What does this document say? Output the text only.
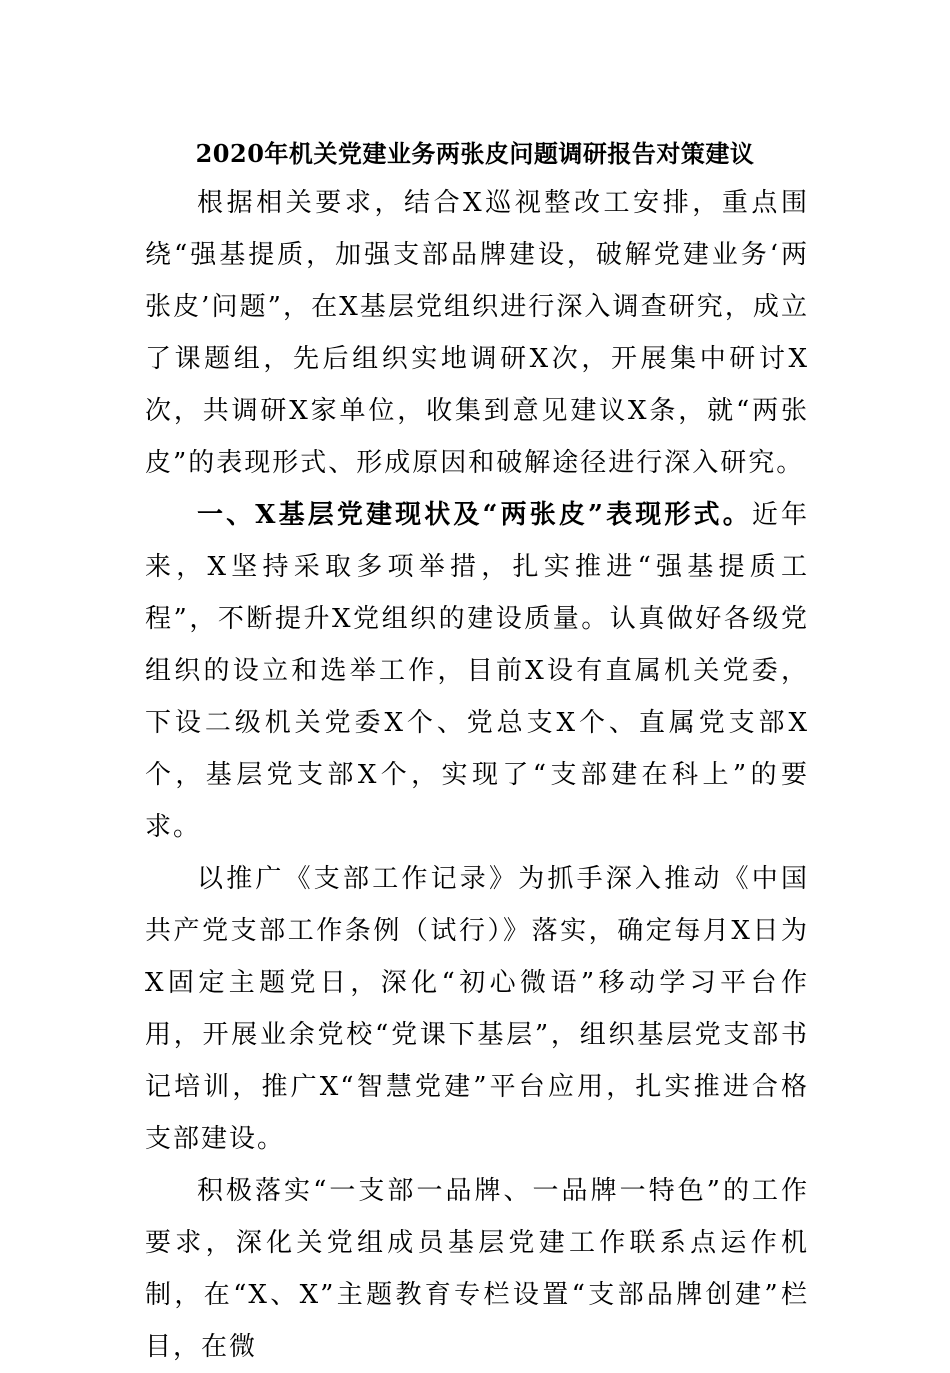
2020年机关党建业务两张皮问题调研报告对策建议

根据相关要求，结合X巡视整改工安排，重点围绕“强基提质，加强支部品牌建设，破解党建业务‘两张皮’问题”，在X基层党组织进行深入调查研究，成立了课题组，先后组织实地调研X次，开展集中研讨X次，共调研X家单位，收集到意见建议X条，就“两张皮”的表现形式、形成原因和破解途径进行深入研究。

一、X基层党建现状及“两张皮”表现形式。近年来，X坚持采取多项举措，扎实推进“强基提质工程”，不断提升X党组织的建设质量。认真做好各级党组织的设立和选举工作，目前X设有直属机关党委，下设二级机关党委X个、党总支X个、直属党支部X个，基层党支部X个，实现了“支部建在科上”的要求。

以推广《支部工作记录》为抓手深入推动《中国共产党支部工作条例（试行）》落实，确定每月X日为X固定主题党日，深化“初心微语”移动学习平台作用，开展业余党校“党课下基层”，组织基层党支部书记培训，推广X“智慧党建”平台应用，扎实推进合格支部建设。

积极落实“一支部一品牌、一品牌一特色”的工作要求，深化关党组成员基层党建工作联系点运作机制，在“X、X”主题教育专栏设置“支部品牌创建”栏目，在微
